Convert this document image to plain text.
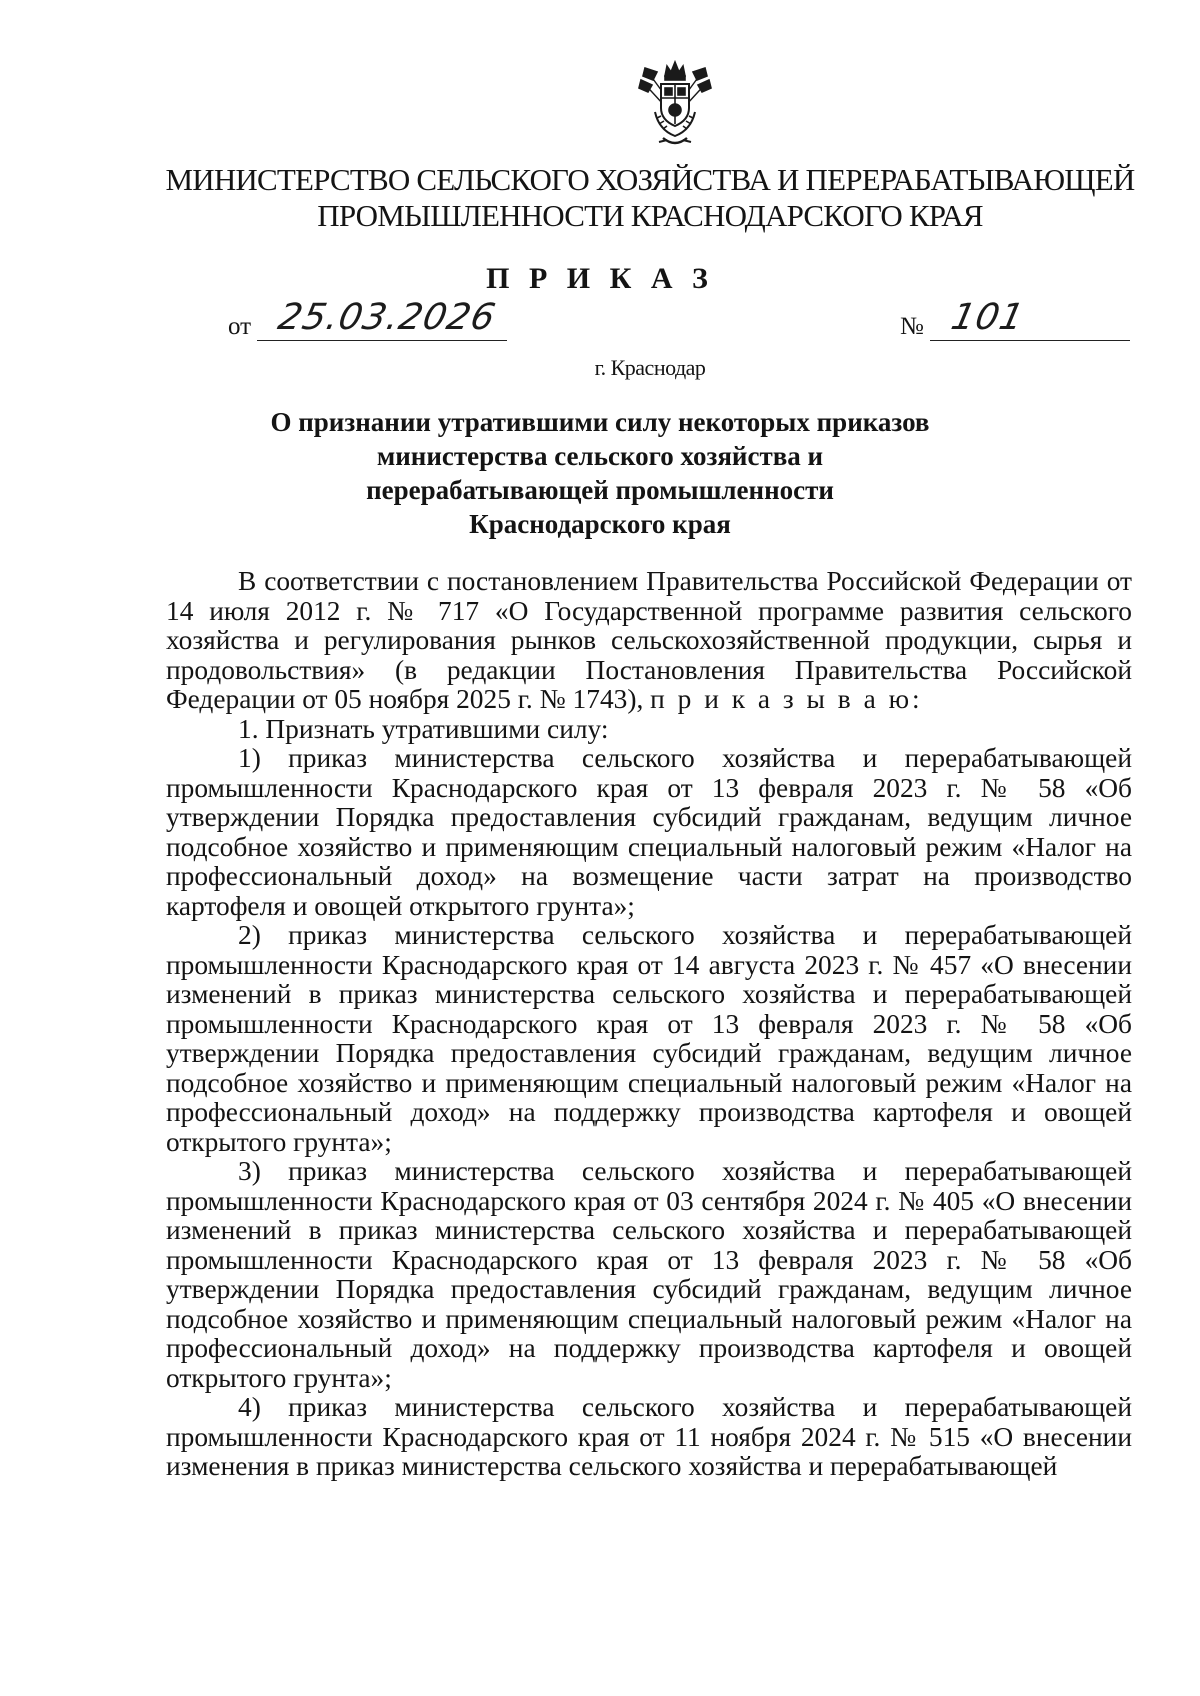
МИНИСТЕРСТВО СЕЛЬСКОГО ХОЗЯЙСТВА И ПЕРЕРАБАТЫВАЮЩЕЙ
ПРОМЫШЛЕННОСТИ КРАСНОДАРСКОГО КРАЯ
П Р И К А З
от 25.03.2026	№ 101
г. Краснодар
О признании утратившими силу некоторых приказов
министерства сельского хозяйства и
перерабатывающей промышленности
Краснодарского края

В соответствии с постановлением Правительства Российской Федерации от 14 июля 2012 г. № 717 «О Государственной программе развития сельского хозяйства и регулирования рынков сельскохозяйственной продукции, сырья и продовольствия» (в редакции Постановления Правительства Российской Федерации от 05 ноября 2025 г. № 1743), п р и к а з ы в а ю:

1. Признать утратившими силу:

1) приказ министерства сельского хозяйства и перерабатывающей промышленности Краснодарского края от 13 февраля 2023 г. № 58 «Об утверждении Порядка предоставления субсидий гражданам, ведущим личное подсобное хозяйство и применяющим специальный налоговый режим «Налог на профессиональный доход» на возмещение части затрат на производство картофеля и овощей открытого грунта»;

2) приказ министерства сельского хозяйства и перерабатывающей промышленности Краснодарского края от 14 августа 2023 г. № 457 «О внесении изменений в приказ министерства сельского хозяйства и перерабатывающей промышленности Краснодарского края от 13 февраля 2023 г. № 58 «Об утверждении Порядка предоставления субсидий гражданам, ведущим личное подсобное хозяйство и применяющим специальный налоговый режим «Налог на профессиональный доход» на поддержку производства картофеля и овощей открытого грунта»;

3) приказ министерства сельского хозяйства и перерабатывающей промышленности Краснодарского края от 03 сентября 2024 г. № 405 «О внесении изменений в приказ министерства сельского хозяйства и перерабатывающей промышленности Краснодарского края от 13 февраля 2023 г. № 58 «Об утверждении Порядка предоставления субсидий гражданам, ведущим личное подсобное хозяйство и применяющим специальный налоговый режим «Налог на профессиональный доход» на поддержку производства картофеля и овощей открытого грунта»;

4) приказ министерства сельского хозяйства и перерабатывающей промышленности Краснодарского края от 11 ноября 2024 г. № 515 «О внесении изменения в приказ министерства сельского хозяйства и перерабатывающей
